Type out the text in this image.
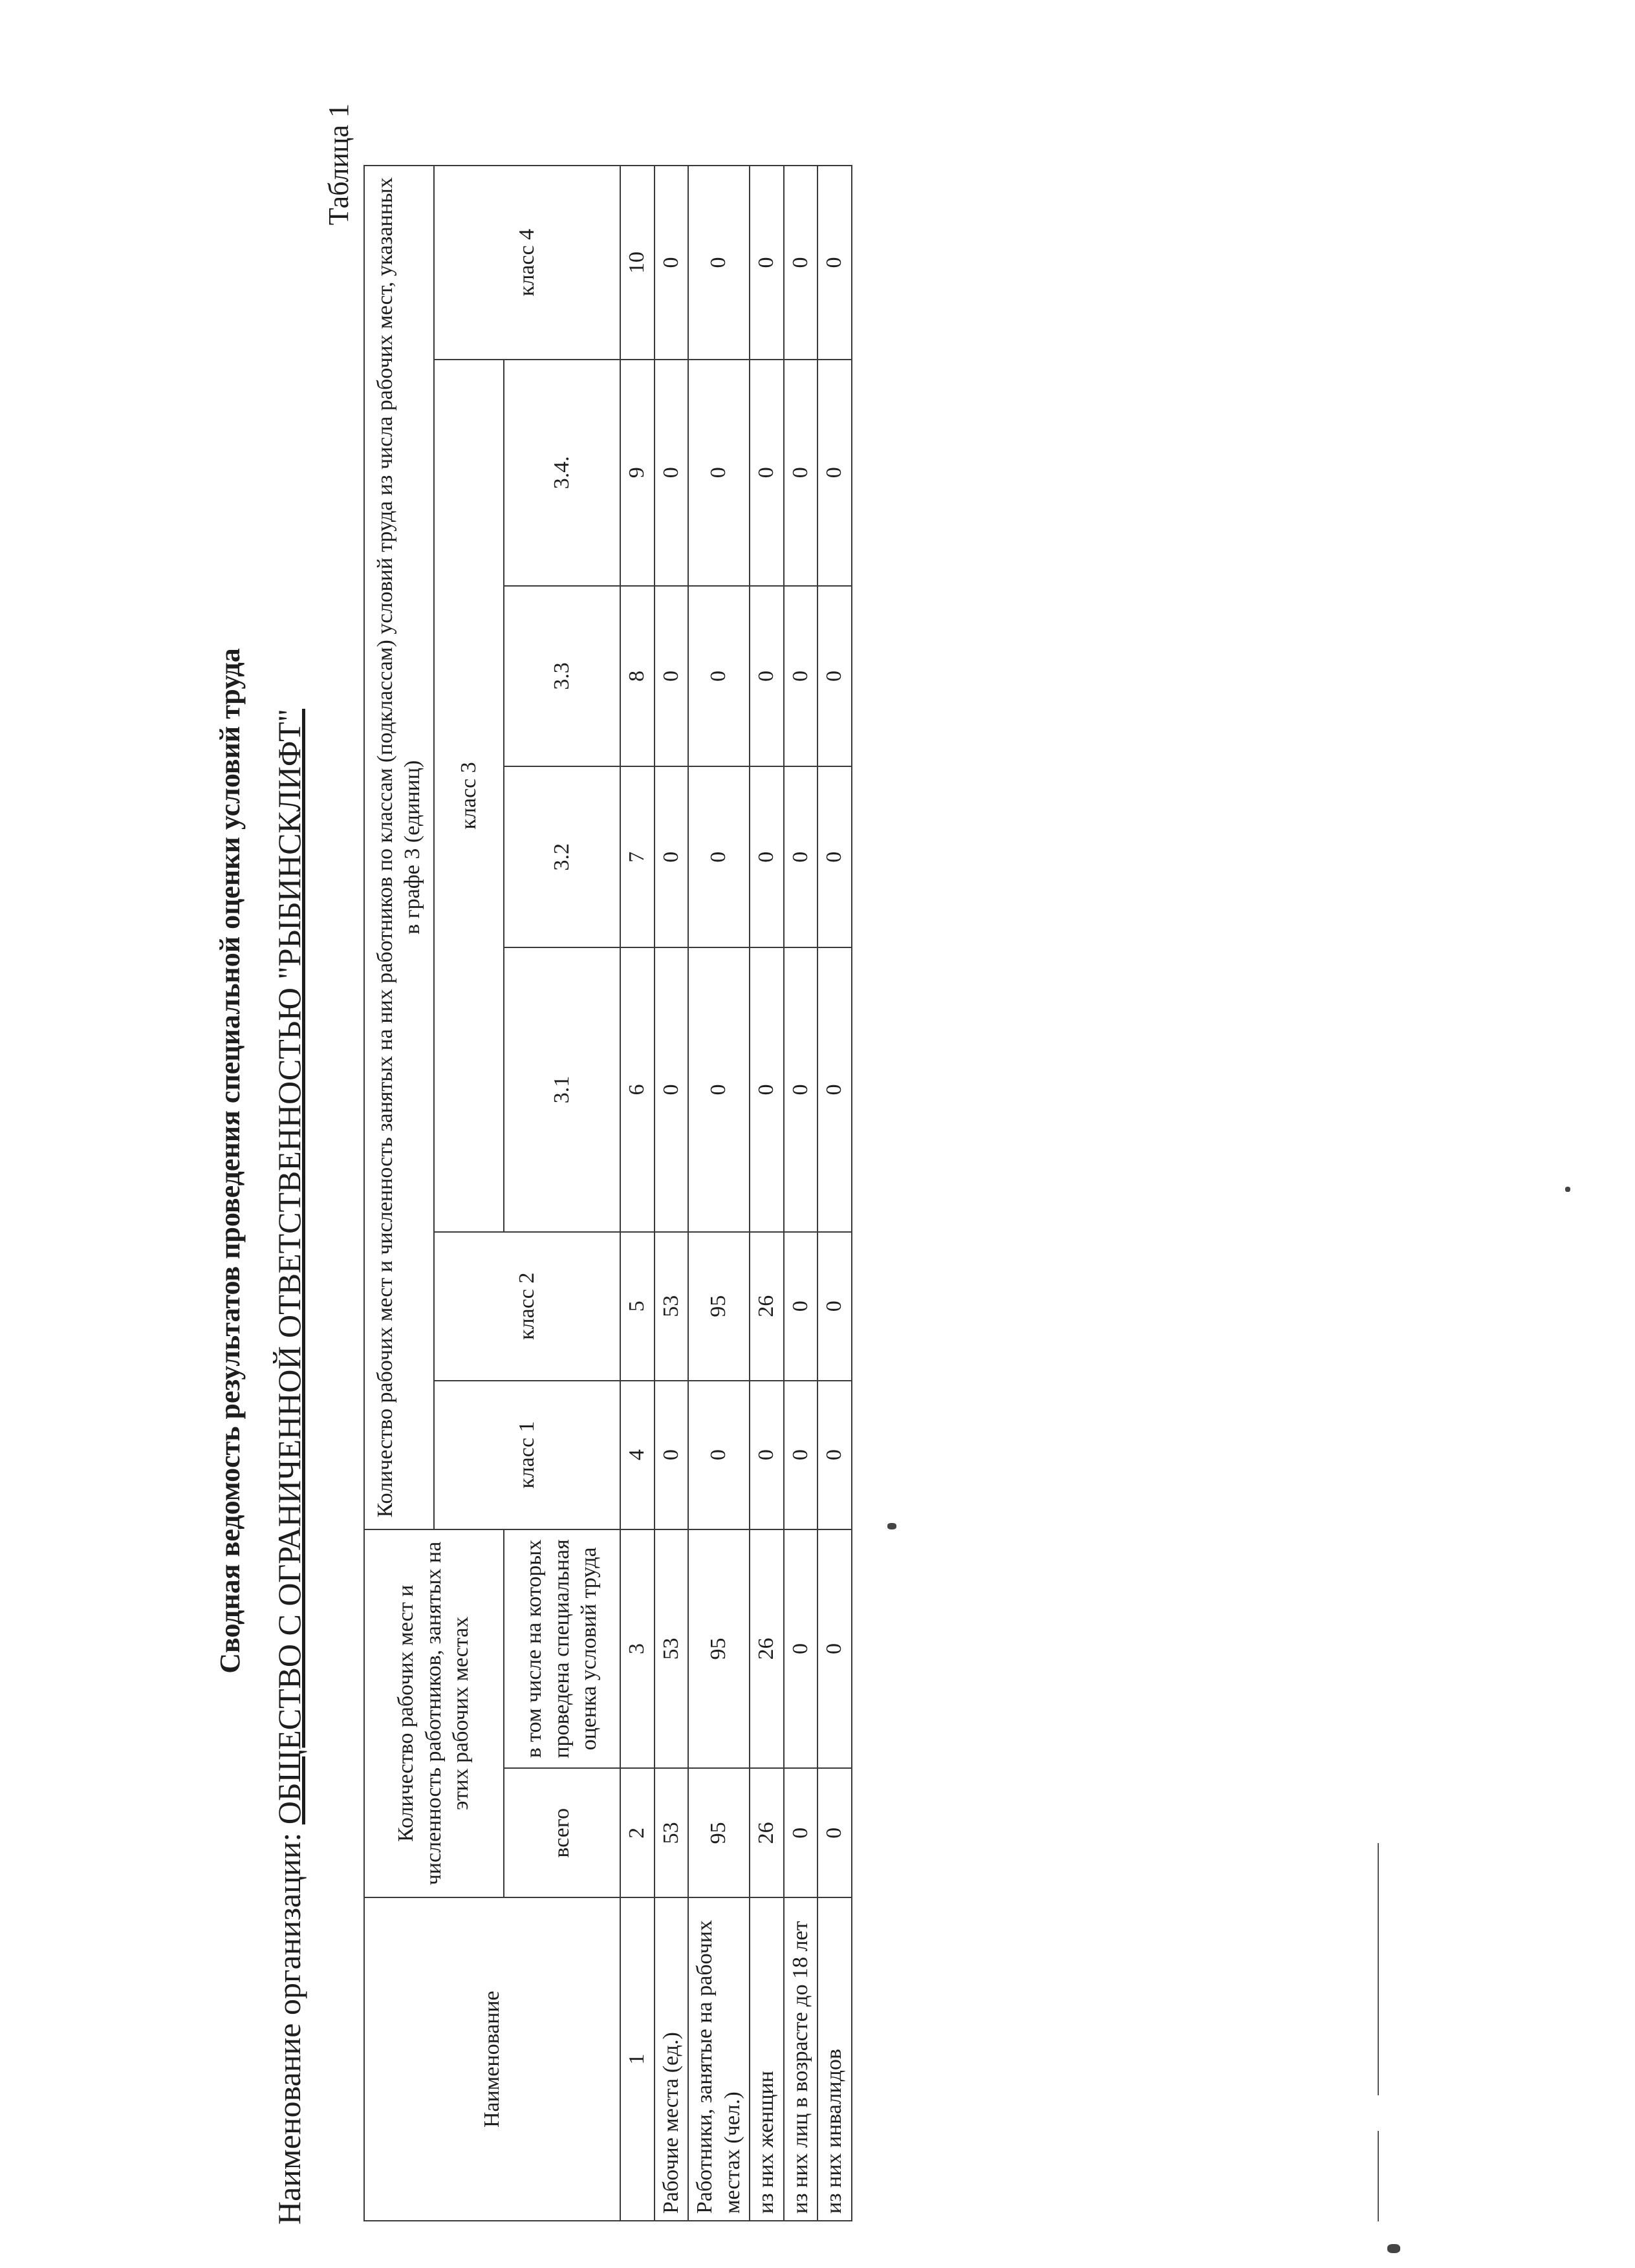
Сводная ведомость результатов проведения специальной оценки условий труда
Наименование организации: ОБЩЕСТВО С ОГРАНИЧЕННОЙ ОТВЕТСТВЕННОСТЬЮ "РЫБИНСКЛИФТ"
Таблица 1
Наименование	Количество рабочих мест и численность работников, занятых на этих рабочих местах		Количество рабочих мест и численность занятых на них работников по классам (подклассам) условий труда из числа рабочих мест, указанных в графе 3 (единиц)						
			класс 1	класс 2	класс 3				класс 4
	всего	в том числе на которых проведена специальная оценка условий труда			3.1	3.2	3.3	3.4.	
1	2	3	4	5	6	7	8	9	10
Рабочие места (ед.)	53	53	0	53	0	0	0	0	0
Работники, занятые на рабочих местах (чел.)	95	95	0	95	0	0	0	0	0
из них женщин	26	26	0	26	0	0	0	0	0
из них лиц в возрасте до 18 лет	0	0	0	0	0	0	0	0	0
из них инвалидов	0	0	0	0	0	0	0	0	0
